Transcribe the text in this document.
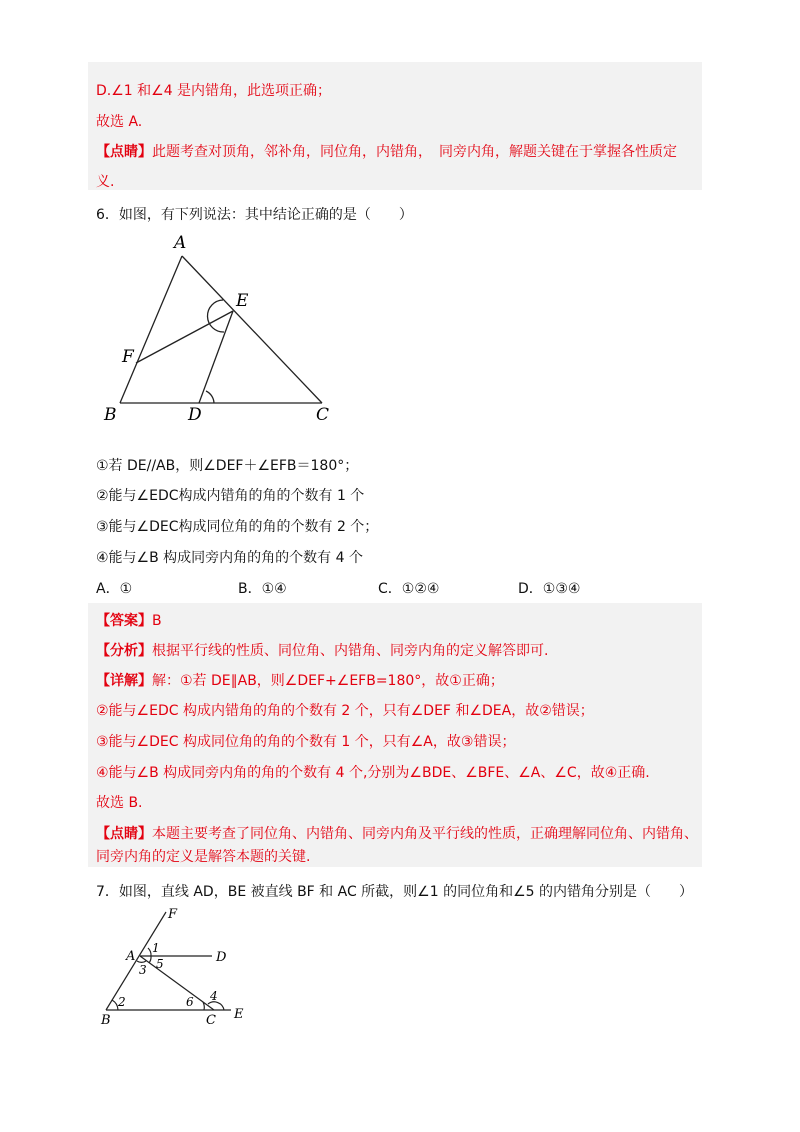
D.∠1 和∠4 是内错角，此选项正确；
故选 A.
【点睛】此题考查对顶角，邻补角，同位角，内错角，　同旁内角，解题关键在于掌握各性质定
义.
6．如图，有下列说法：其中结论正确的是（　　）
A
E
F
B	D	C
①若 DE//AB，则∠DEF＋∠EFB＝180°；
②能与∠EDC构成内错角的角的个数有 1 个
③能与∠DEC构成同位角的角的个数有 2 个；
④能与∠B 构成同旁内角的角的个数有 4 个
A．①	B．①④	C．①②④	D．①③④
【答案】B
【分析】根据平行线的性质、同位角、内错角、同旁内角的定义解答即可.
【详解】解：①若 DE∥AB，则∠DEF+∠EFB=180°，故①正确；
②能与∠EDC 构成内错角的角的个数有 2 个，只有∠DEF 和∠DEA，故②错误；
③能与∠DEC 构成同位角的角的个数有 1 个，只有∠A，故③错误；
④能与∠B 构成同旁内角的角的个数有 4 个,分别为∠BDE、∠BFE、∠A、∠C，故④正确.
故选 B.
【点睛】本题主要考查了同位角、内错角、同旁内角及平行线的性质，正确理解同位角、内错角、
同旁内角的定义是解答本题的关键.
7．如图，直线 AD，BE 被直线 BF 和 AC 所截，则∠1 的同位角和∠5 的内错角分别是（　　）
F
A	D
B	C E
1
3 5
2	6 4
